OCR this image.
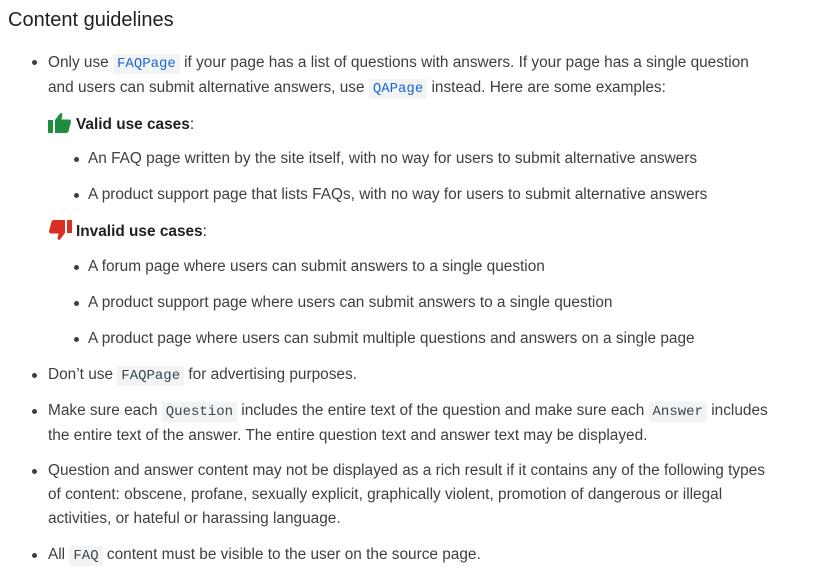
Content guidelines
Only use FAQPage if your page has a list of questions with answers. If your page has a single question
and users can submit alternative answers, use QAPage instead. Here are some examples:
Valid use cases:
An FAQ page written by the site itself, with no way for users to submit alternative answers
A product support page that lists FAQs, with no way for users to submit alternative answers
Invalid use cases:
A forum page where users can submit answers to a single question
A product support page where users can submit answers to a single question
A product page where users can submit multiple questions and answers on a single page
Don’t use FAQPage for advertising purposes.
Make sure each Question includes the entire text of the question and make sure each Answer includes
the entire text of the answer. The entire question text and answer text may be displayed.
Question and answer content may not be displayed as a rich result if it contains any of the following types
of content: obscene, profane, sexually explicit, graphically violent, promotion of dangerous or illegal
activities, or hateful or harassing language.
All FAQ content must be visible to the user on the source page.
